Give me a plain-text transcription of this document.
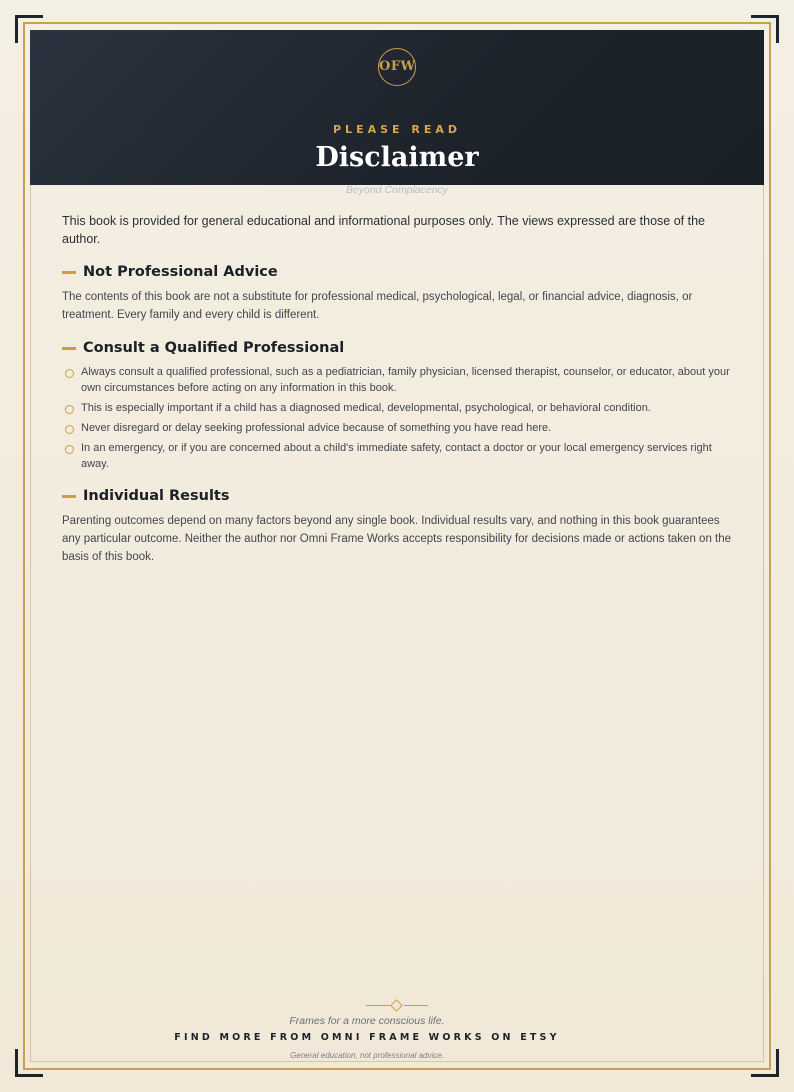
OFW
PLEASE READ
Disclaimer
Beyond Complacency

This book is provided for general educational and informational purposes only. The views expressed are those of the author.

Not Professional Advice

The contents of this book are not a substitute for professional medical, psychological, legal, or financial advice, diagnosis, or treatment. Every family and every child is different.

Consult a Qualified Professional
Always consult a qualified professional, such as a pediatrician, family physician, licensed therapist, counselor, or educator, about your own circumstances before acting on any information in this book.
This is especially important if a child has a diagnosed medical, developmental, psychological, or behavioral condition.
Never disregard or delay seeking professional advice because of something you have read here.
In an emergency, or if you are concerned about a child's immediate safety, contact a doctor or your local emergency services right away.
Individual Results

Parenting outcomes depend on many factors beyond any single book. Individual results vary, and nothing in this book guarantees any particular outcome. Neither the author nor Omni Frame Works accepts responsibility for decisions made or actions taken on the basis of this book.

Frames for a more conscious life.
FIND MORE FROM OMNI FRAME WORKS ON ETSY
General education, not professional advice.
